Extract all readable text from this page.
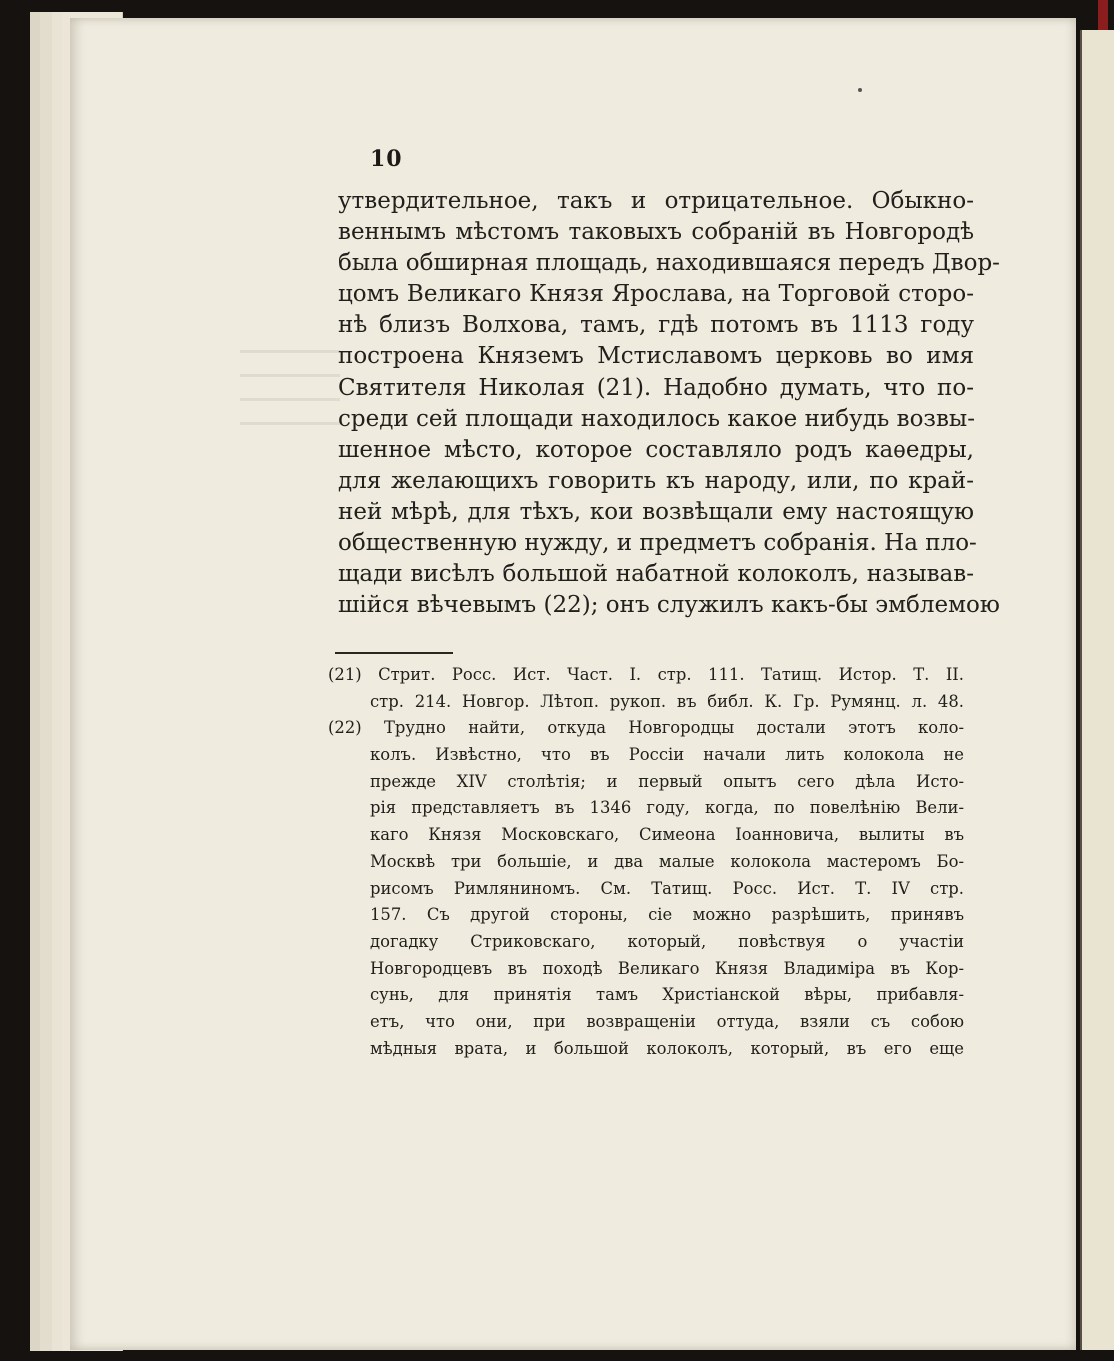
10
утвердительное, такъ и отрицательное. Обыкно-
веннымъ мѣстомъ таковыхъ собраній въ Новгородѣ
была обширная площадь, находившаяся передъ Двор-
цомъ Великаго Князя Ярослава, на Торговой сторо-
нѣ близъ Волхова, тамъ, гдѣ потомъ въ 1113 году
построена Княземъ Мстиславомъ церковь во имя
Святителя Николая (21). Надобно думать, что по-
среди сей площади находилось какое нибудь возвы-
шенное мѣсто, которое составляло родъ каѳедры,
для желающихъ говорить къ народу, или, по край-
ней мѣрѣ, для тѣхъ, кои возвѣщали ему настоящую
общественную нужду, и предметъ собранія. На пло-
щади висѣлъ большой набатной колоколъ, называв-
шійся вѣчевымъ (22); онъ служилъ какъ-бы эмблемою
(21) Стрит. Росс. Ист. Част. I. стр. 111. Татищ. Истор. Т. II.
стр. 214. Новгор. Лѣтоп. рукоп. въ библ. К. Гр. Румянц. л. 48.
(22) Трудно найти, откуда Новгородцы достали этотъ коло-
колъ. Извѣстно, что въ Россіи начали лить колокола не
прежде XIV столѣтія; и первый опытъ сего дѣла Исто-
рія представляетъ въ 1346 году, когда, по повелѣнію Вели-
каго Князя Московскаго, Симеона Іоанновича, вылиты въ
Москвѣ три большіе, и два малые колокола мастеромъ Бо-
рисомъ Римляниномъ. См. Татищ. Росс. Ист. Т. IV стр.
157. Съ другой стороны, сіе можно разрѣшить, принявъ
догадку Стриковскаго, который, повѣствуя о участіи
Новгородцевъ въ походѣ Великаго Князя Владиміра въ Кор-
сунь, для принятія тамъ Христіанской вѣры, прибавля-
етъ, что они, при возвращеніи оттуда, взяли съ собою
мѣдныя врата, и большой колоколъ, который, въ его еще
